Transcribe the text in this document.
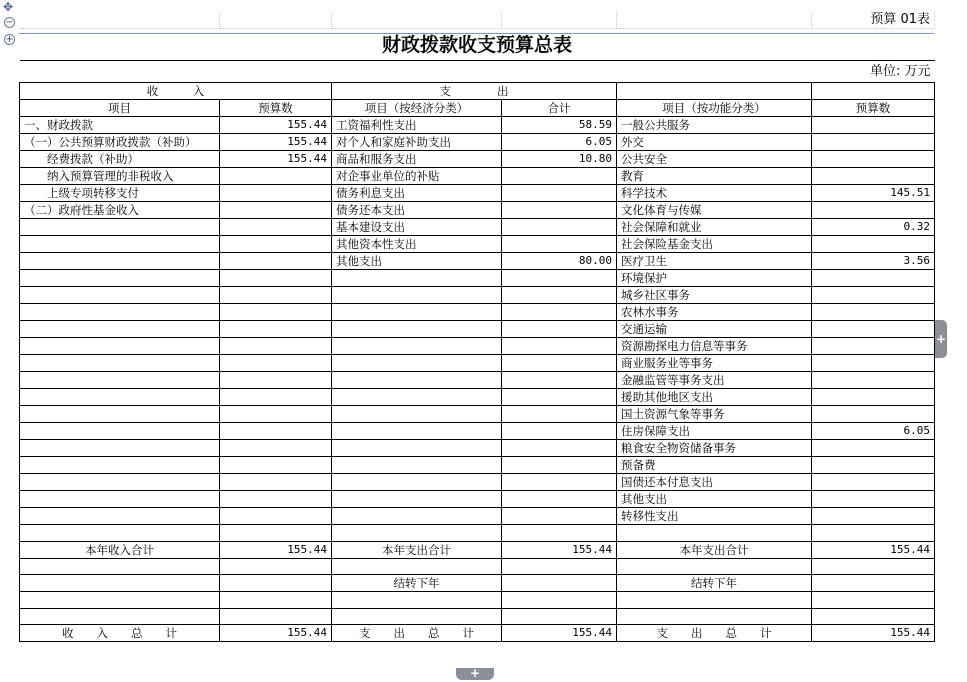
✥
−
+
+
+
					预算 01表
财政拨款收支预算总表					
					单位: 万元
收　　　入		支　　　　出			
项目	预算数	项目（按经济分类）	合计	项目（按功能分类）	预算数
一、财政拨款	155.44	工资福利性支出	58.59	一般公共服务	
（一）公共预算财政拨款（补助）	155.44	对个人和家庭补助支出	6.05	外交	
　　经费拨款（补助）	155.44	商品和服务支出	10.80	公共安全	
　　纳入预算管理的非税收入		对企事业单位的补贴		教育	
　　上级专项转移支付		债务利息支出		科学技术	145.51
（二）政府性基金收入		债务还本支出		文化体育与传媒	
		基本建设支出		社会保障和就业	0.32
		其他资本性支出		社会保险基金支出	
		其他支出	80.00	医疗卫生	3.56
				环境保护	
				城乡社区事务	
				农林水事务	
				交通运输	
				资源勘探电力信息等事务	
				商业服务业等事务	
				金融监管等事务支出	
				援助其他地区支出	
				国土资源气象等事务	
				住房保障支出	6.05
				粮食安全物资储备事务	
				预备费	
				国债还本付息支出	
				其他支出	
				转移性支出	

本年收入合计	155.44	本年支出合计	155.44	本年支出合计	155.44

		结转下年		结转下年	

收　　入　　总　　计	155.44	支　　出　　总　　计	155.44	支　　出　　总　　计	155.44
